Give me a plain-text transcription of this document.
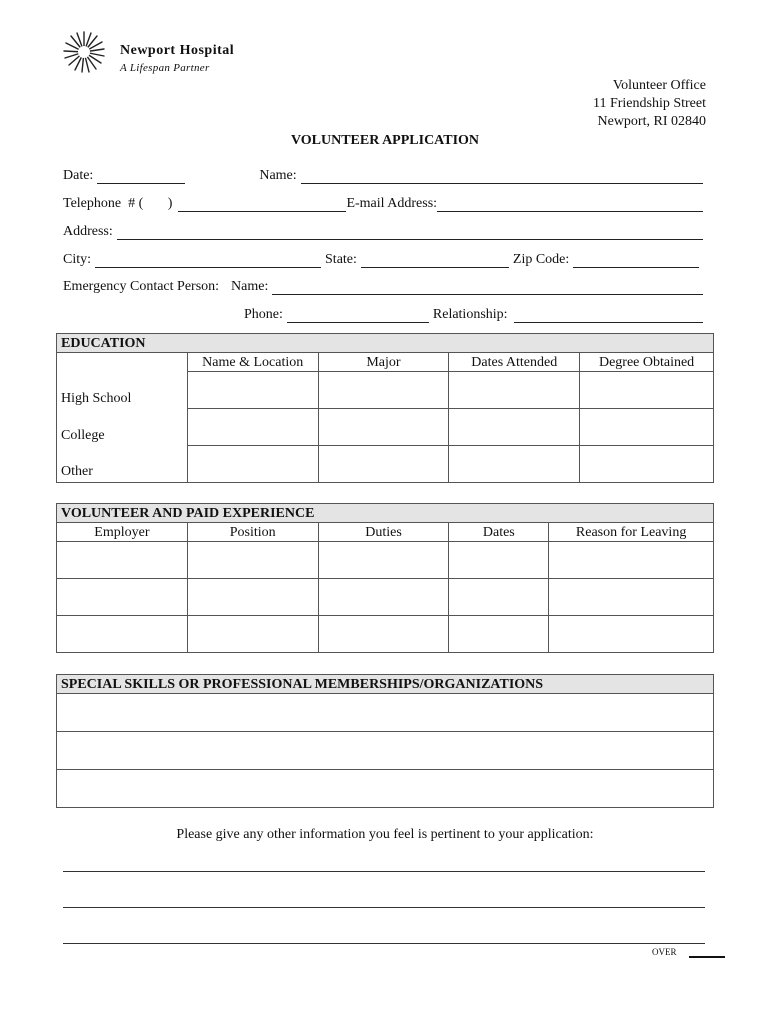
Newport Hospital
A Lifespan Partner
Volunteer Office
11 Friendship Street
Newport, RI 02840
VOLUNTEER APPLICATION
Date:	Name:
Telephone  # (       )	E-mail Address:
Address:
City:	State:	Zip Code:
Emergency Contact Person: Name:
Phone:	Relationship:
EDUCATION				
	Name & Location	Major	Dates Attended	Degree Obtained
High School				
College				
Other				
VOLUNTEER AND PAID EXPERIENCE				
Employer	Position	Duties	Dates	Reason for Leaving

SPECIAL SKILLS OR PROFESSIONAL MEMBERSHIPS/ORGANIZATIONS

Please give any other information you feel is pertinent to your application:
OVER
